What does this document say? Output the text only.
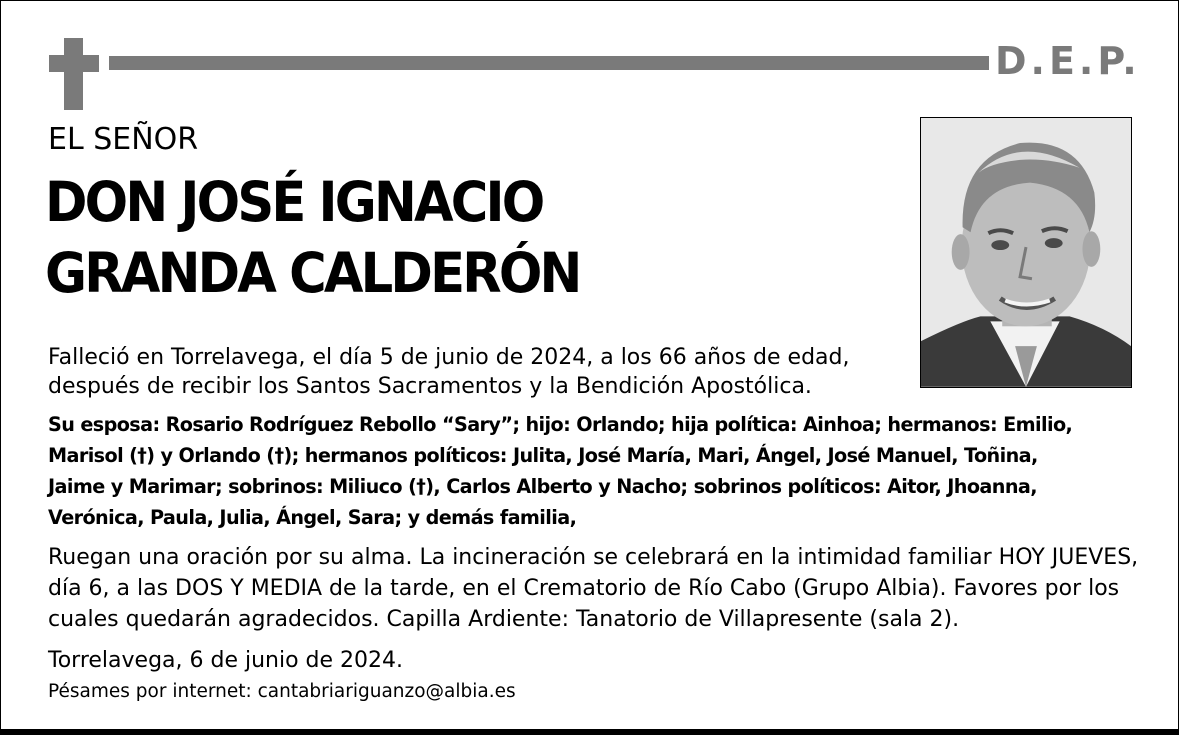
D.E.P.
EL SEÑOR
DON JOSÉ IGNACIO
GRANDA CALDERÓN
Falleció en Torrelavega, el día 5 de junio de 2024, a los 66 años de edad,
después de recibir los Santos Sacramentos y la Bendición Apostólica.
Su esposa: Rosario Rodríguez Rebollo “Sary”; hijo: Orlando; hija política: Ainhoa; hermanos: Emilio,
Marisol (†) y Orlando (†); hermanos políticos: Julita, José María, Mari, Ángel, José Manuel, Toñina,
Jaime y Marimar; sobrinos: Miliuco (†), Carlos Alberto y Nacho; sobrinos políticos: Aitor, Jhoanna,
Verónica, Paula, Julia, Ángel, Sara; y demás familia,
Ruegan una oración por su alma. La incineración se celebrará en la intimidad familiar HOY JUEVES,
día 6, a las DOS Y MEDIA de la tarde, en el Crematorio de Río Cabo (Grupo Albia). Favores por los
cuales quedarán agradecidos. Capilla Ardiente: Tanatorio de Villapresente (sala 2).
Torrelavega, 6 de junio de 2024.
Pésames por internet: cantabriariguanzo@albia.es
